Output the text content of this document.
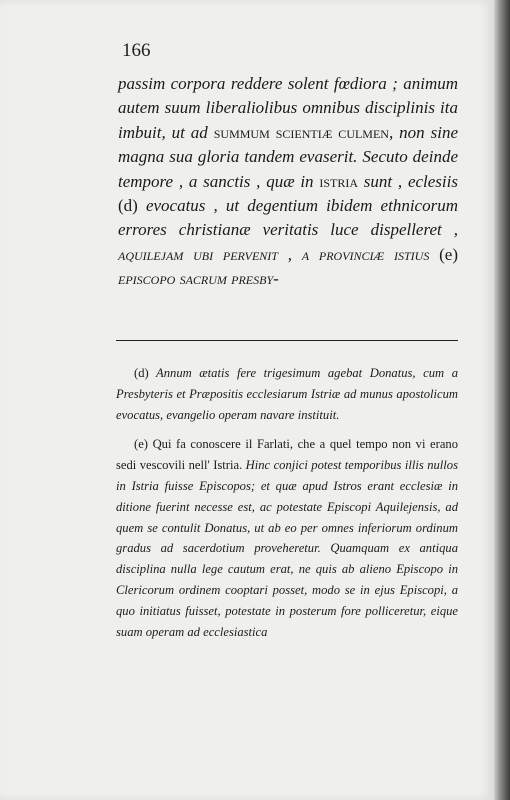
166

passim corpora reddere solent fœdiora ; animum autem suum liberaliolibus omnibus disciplinis ita imbuit, ut ad summum scientiæ culmen, non sine magna sua gloria tandem evaserit. Secuto deinde tempore , a sanctis , quæ in istria sunt , eclesiis (d) evocatus , ut degentium ibidem ethnicorum errores christianæ veritatis luce dispelleret , aquilejam ubi pervenit , a provinciæ istius (e) episcopo sacrum presby-

(d) Annum ætatis fere trigesimum agebat Donatus, cum a Presbyteris et Præpositis ecclesiarum Istriæ ad munus apostolicum evocatus, evangelio operam navare instituit.

(e) Qui fa conoscere il Farlati, che a quel tempo non vi erano sedi vescovili nell' Istria. Hinc conjici potest temporibus illis nullos in Istria fuisse Episcopos; et quæ apud Istros erant ecclesiæ in ditione fuerint necesse est, ac potestate Episcopi Aquilejensis, ad quem se contulit Donatus, ut ab eo per omnes inferiorum ordinum gradus ad sacerdotium proveheretur. Quamquam ex antiqua disciplina nulla lege cautum erat, ne quis ab alieno Episcopo in Clericorum ordinem cooptari posset, modo se in ejus Episcopi, a quo initiatus fuisset, potestate in posterum fore polliceretur, eique suam operam ad ecclesiastica
